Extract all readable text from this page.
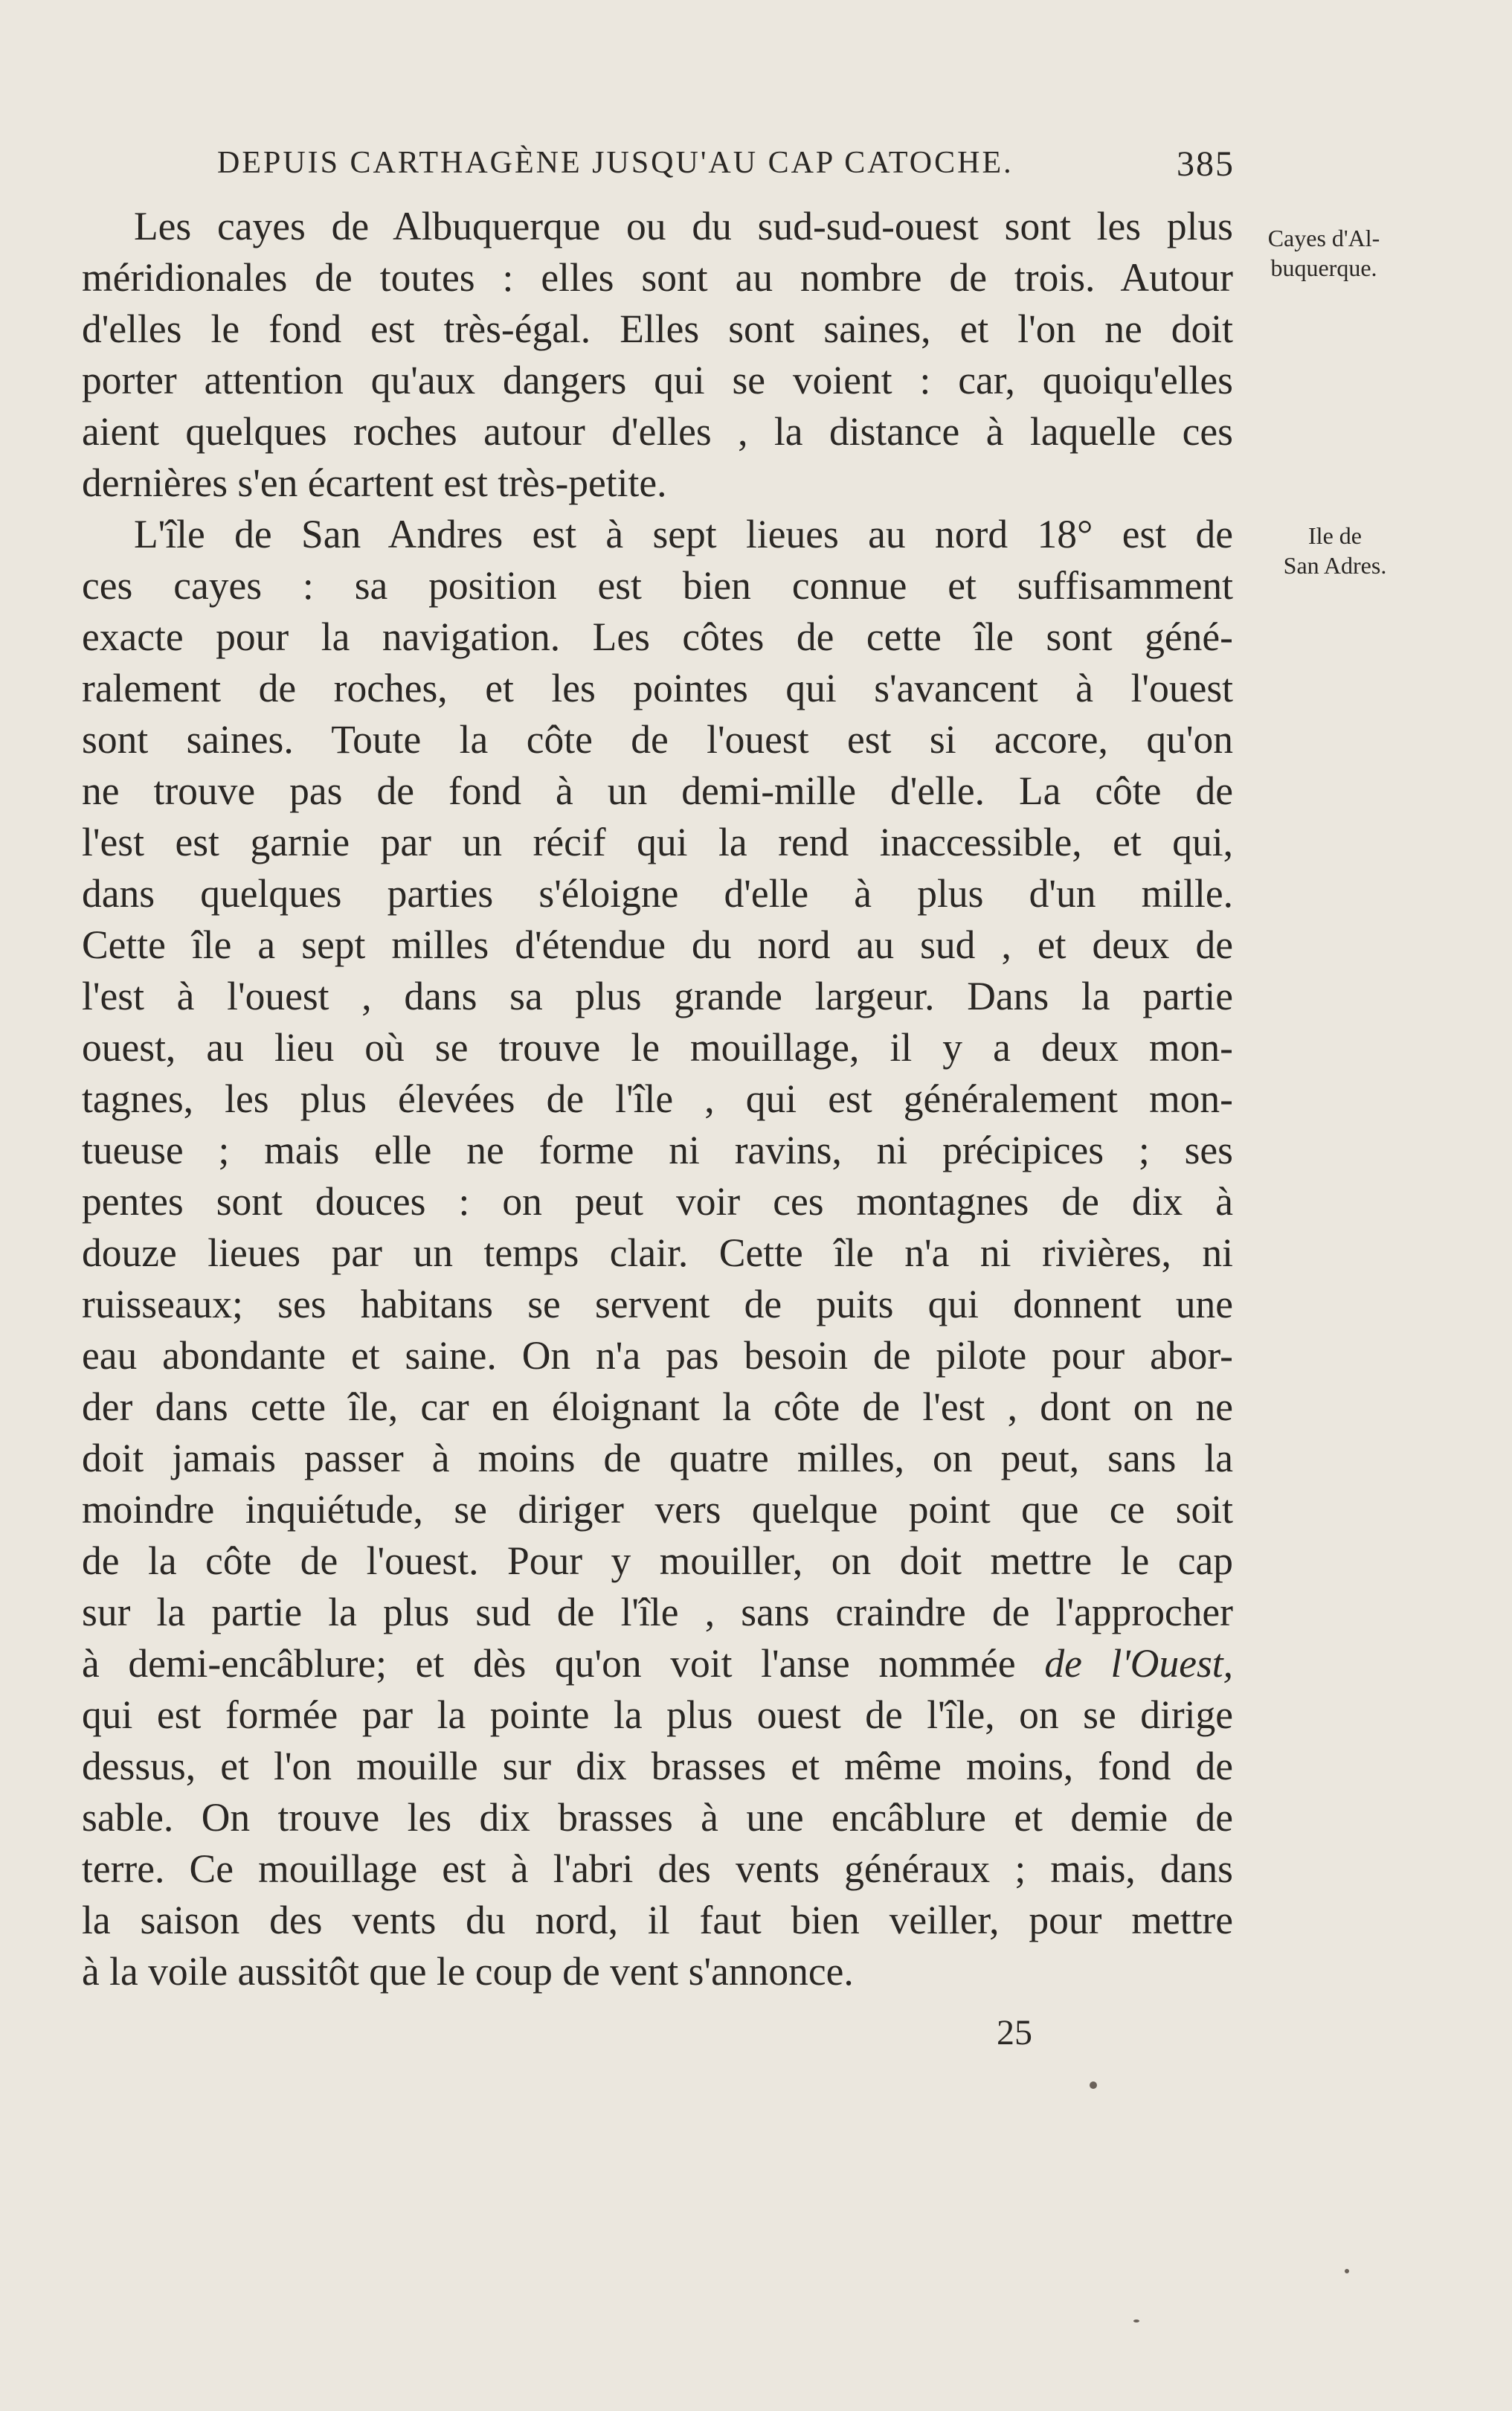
DEPUIS CARTHAGÈNE JUSQU'AU CAP CATOCHE.	385
Cayes d'Al-
buquerque.
Ile de
San Adres.
Les cayes de Albuquerque ou du sud-sud-ouest sont les plus
méridionales de toutes : elles sont au nombre de trois. Autour
d'elles le fond est très-égal. Elles sont saines, et l'on ne doit
porter attention qu'aux dangers qui se voient : car, quoiqu'elles
aient quelques roches autour d'elles , la distance à laquelle ces
dernières s'en écartent est très-petite.
L'île de San Andres est à sept lieues au nord 18° est de
ces cayes : sa position est bien connue et suffisamment
exacte pour la navigation. Les côtes de cette île sont géné-
ralement de roches, et les pointes qui s'avancent à l'ouest
sont saines. Toute la côte de l'ouest est si accore, qu'on
ne trouve pas de fond à un demi-mille d'elle. La côte de
l'est est garnie par un récif qui la rend inaccessible, et qui,
dans quelques parties s'éloigne d'elle à plus d'un mille.
Cette île a sept milles d'étendue du nord au sud , et deux de
l'est à l'ouest , dans sa plus grande largeur. Dans la partie
ouest, au lieu où se trouve le mouillage, il y a deux mon-
tagnes, les plus élevées de l'île , qui est généralement mon-
tueuse ; mais elle ne forme ni ravins, ni précipices ; ses
pentes sont douces : on peut voir ces montagnes de dix à
douze lieues par un temps clair. Cette île n'a ni rivières, ni
ruisseaux; ses habitans se servent de puits qui donnent une
eau abondante et saine. On n'a pas besoin de pilote pour abor-
der dans cette île, car en éloignant la côte de l'est , dont on ne
doit jamais passer à moins de quatre milles, on peut, sans la
moindre inquiétude, se diriger vers quelque point que ce soit
de la côte de l'ouest. Pour y mouiller, on doit mettre le cap
sur la partie la plus sud de l'île , sans craindre de l'approcher
à demi-encâblure; et dès qu'on voit l'anse nommée de l'Ouest,
qui est formée par la pointe la plus ouest de l'île, on se dirige
dessus, et l'on mouille sur dix brasses et même moins, fond de
sable. On trouve les dix brasses à une encâblure et demie de
terre. Ce mouillage est à l'abri des vents généraux ; mais, dans
la saison des vents du nord, il faut bien veiller, pour mettre
à la voile aussitôt que le coup de vent s'annonce.
25
